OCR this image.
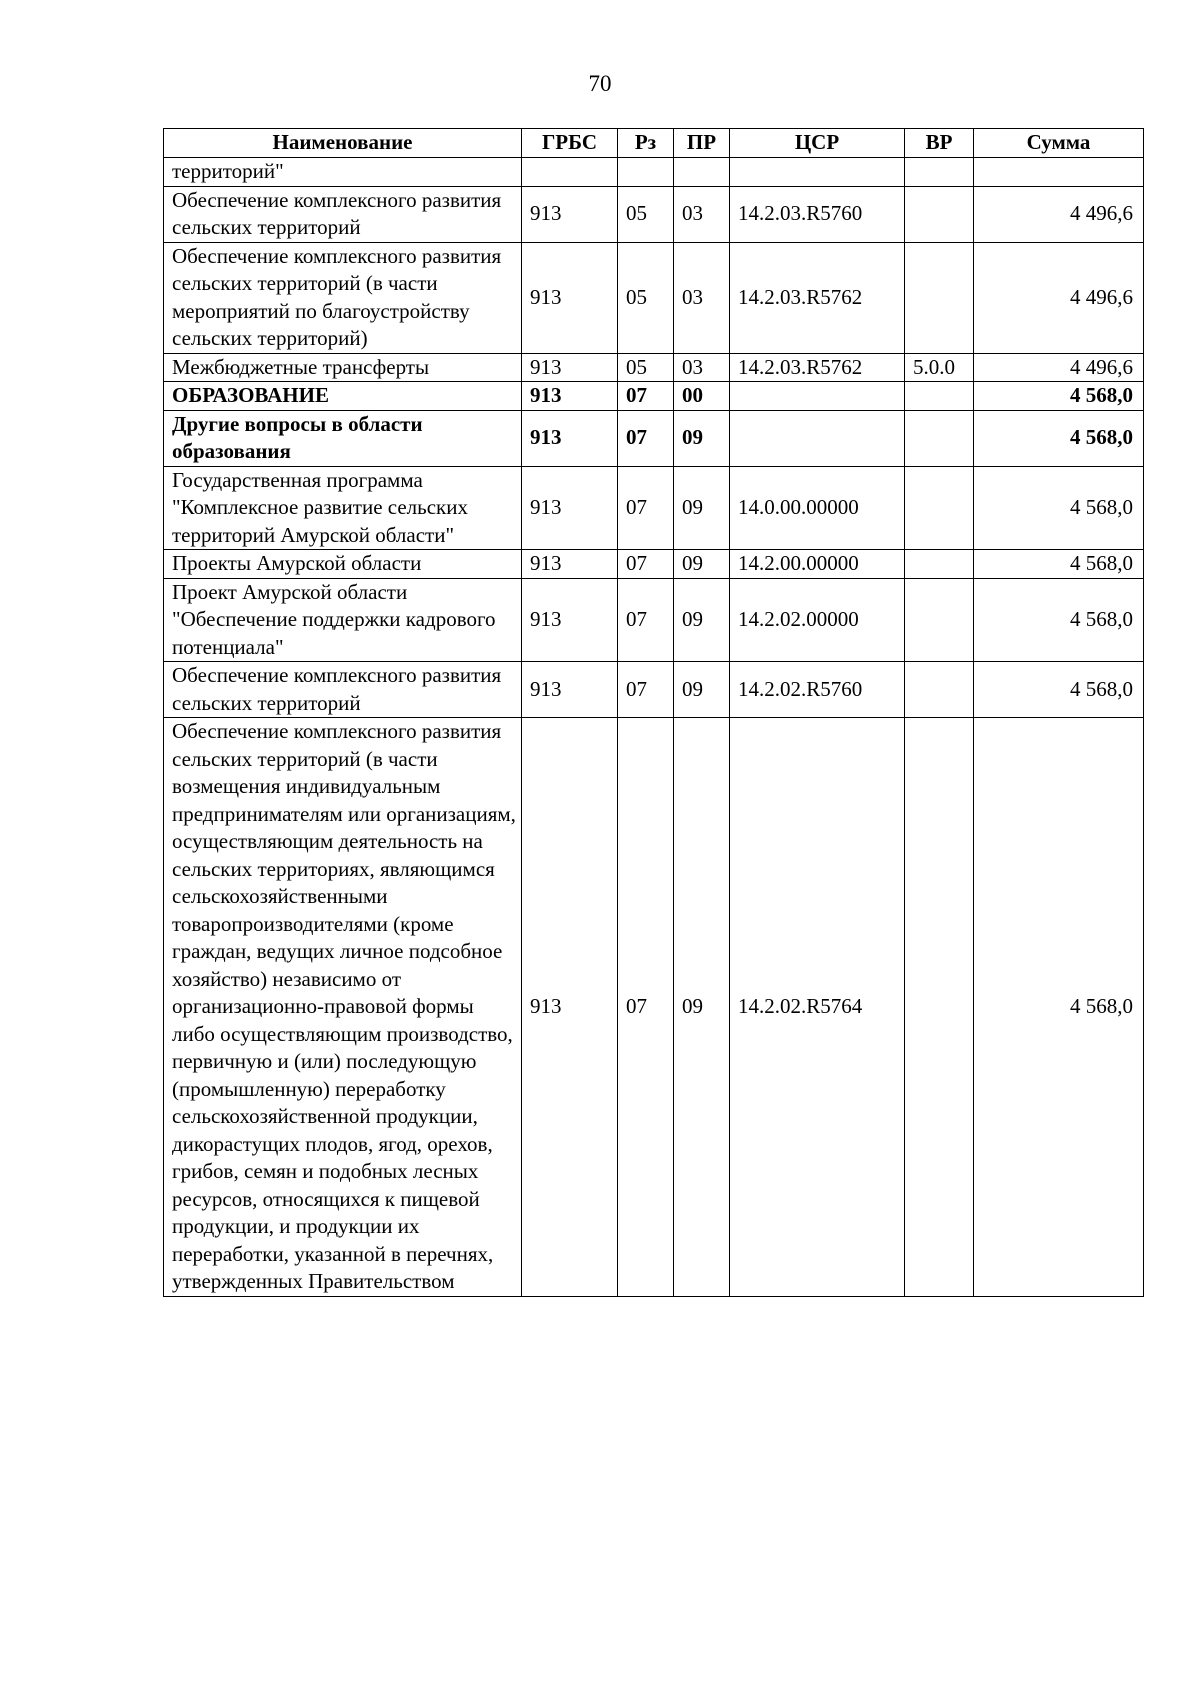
70
Наименование	ГРБС	Рз	ПР	ЦСР	ВР	Сумма
территорий"						
Обеспечение комплексного развития сельских территорий	913	05	03	14.2.03.R5760		4 496,6
Обеспечение комплексного развития сельских территорий (в части мероприятий по благоустройству сельских территорий)	913	05	03	14.2.03.R5762		4 496,6
Межбюджетные трансферты	913	05	03	14.2.03.R5762	5.0.0	4 496,6
ОБРАЗОВАНИЕ	913	07	00			4 568,0
Другие вопросы в области образования	913	07	09			4 568,0
Государственная программа "Комплексное развитие сельских территорий Амурской области"	913	07	09	14.0.00.00000		4 568,0
Проекты Амурской области	913	07	09	14.2.00.00000		4 568,0
Проект Амурской области "Обеспечение поддержки кадрового потенциала"	913	07	09	14.2.02.00000		4 568,0
Обеспечение комплексного развития сельских территорий	913	07	09	14.2.02.R5760		4 568,0
Обеспечение комплексного развития сельских территорий (в части возмещения индивидуальным предпринимателям или организациям, осуществляющим деятельность на сельских территориях, являющимся сельскохозяйственными товаропроизводителями (кроме граждан, ведущих личное подсобное хозяйство) независимо от организационно-правовой формы либо осуществляющим производство, первичную и (или) последующую (промышленную) переработку сельскохозяйственной продукции, дикорастущих плодов, ягод, орехов, грибов, семян и подобных лесных ресурсов, относящихся к пищевой продукции, и продукции их переработки, указанной в перечнях, утвержденных Правительством	913	07	09	14.2.02.R5764		4 568,0
